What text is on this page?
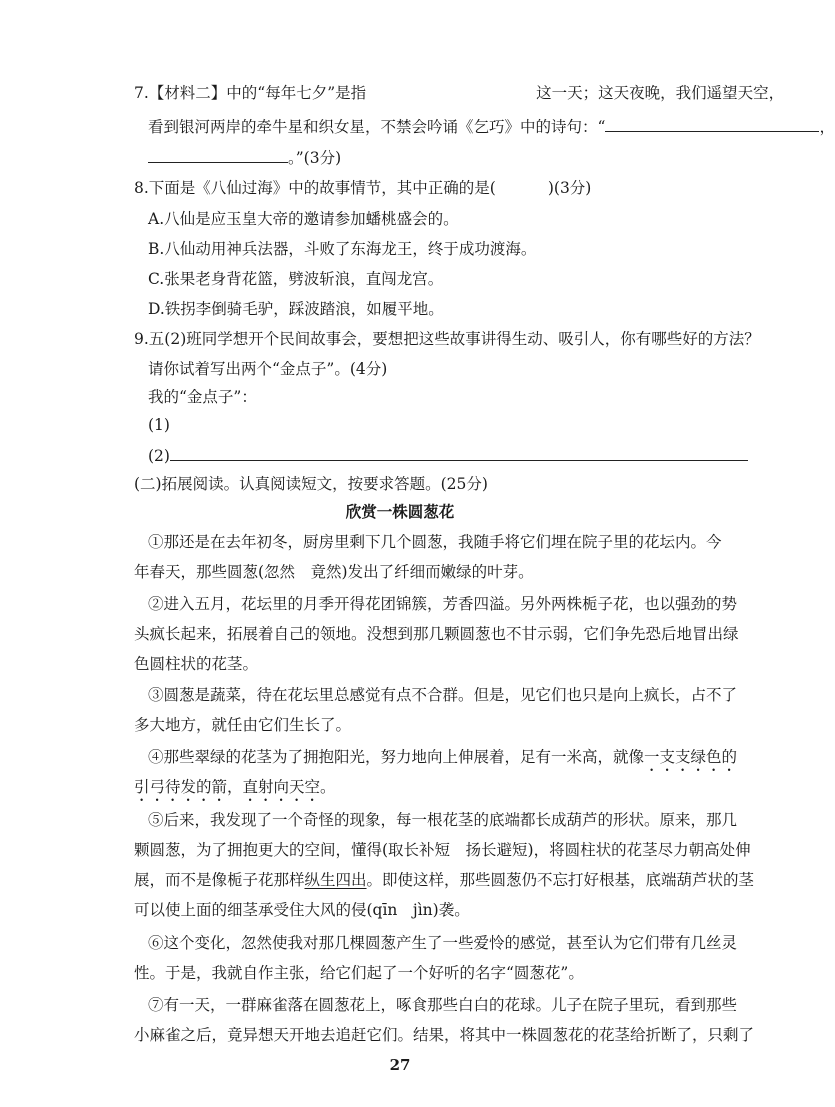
7.【材料二】中的“每年七夕”是指	这一天；这天夜晚，我们遥望天空，
看到银河两岸的牵牛星和织女星，不禁会吟诵《乞巧》中的诗句：“	，
。”(3分)
8.下面是《八仙过海》中的故事情节，其中正确的是(	)(3分)
A.八仙是应玉皇大帝的邀请参加蟠桃盛会的。
B.八仙动用神兵法器，斗败了东海龙王，终于成功渡海。
C.张果老身背花篮，劈波斩浪，直闯龙宫。
D.铁拐李倒骑毛驴，踩波踏浪，如履平地。
9.五(2)班同学想开个民间故事会，要想把这些故事讲得生动、吸引人，你有哪些好的方法？
请你试着写出两个“金点子”。(4分)
我的“金点子”：
(1)
(2)
(二)拓展阅读。认真阅读短文，按要求答题。(25分)
欣赏一株圆葱花
①那还是在去年初冬，厨房里剩下几个圆葱，我随手将它们埋在院子里的花坛内。今
年春天，那些圆葱(忽然　竟然)发出了纤细而嫩绿的叶芽。
②进入五月，花坛里的月季开得花团锦簇，芳香四溢。另外两株栀子花，也以强劲的势
头疯长起来，拓展着自己的领地。没想到那几颗圆葱也不甘示弱，它们争先恐后地冒出绿
色圆柱状的花茎。
③圆葱是蔬菜，待在花坛里总感觉有点不合群。但是，见它们也只是向上疯长，占不了
多大地方，就任由它们生长了。
④那些翠绿的花茎为了拥抱阳光，努力地向上伸展着，足有一米高，就像一支支绿色的
引弓待发的箭，直射向天空。
⑤后来，我发现了一个奇怪的现象，每一根花茎的底端都长成葫芦的形状。原来，那几
颗圆葱，为了拥抱更大的空间，懂得(取长补短　扬长避短)，将圆柱状的花茎尽力朝高处伸
展，而不是像栀子花那样纵生四出。即使这样，那些圆葱仍不忘打好根基，底端葫芦状的茎
可以使上面的细茎承受住大风的侵(qīn　jìn)袭。
⑥这个变化，忽然使我对那几棵圆葱产生了一些爱怜的感觉，甚至认为它们带有几丝灵
性。于是，我就自作主张，给它们起了一个好听的名字“圆葱花”。
⑦有一天，一群麻雀落在圆葱花上，啄食那些白白的花球。儿子在院子里玩，看到那些
小麻雀之后，竟异想天开地去追赶它们。结果，将其中一株圆葱花的花茎给折断了，只剩了
27
